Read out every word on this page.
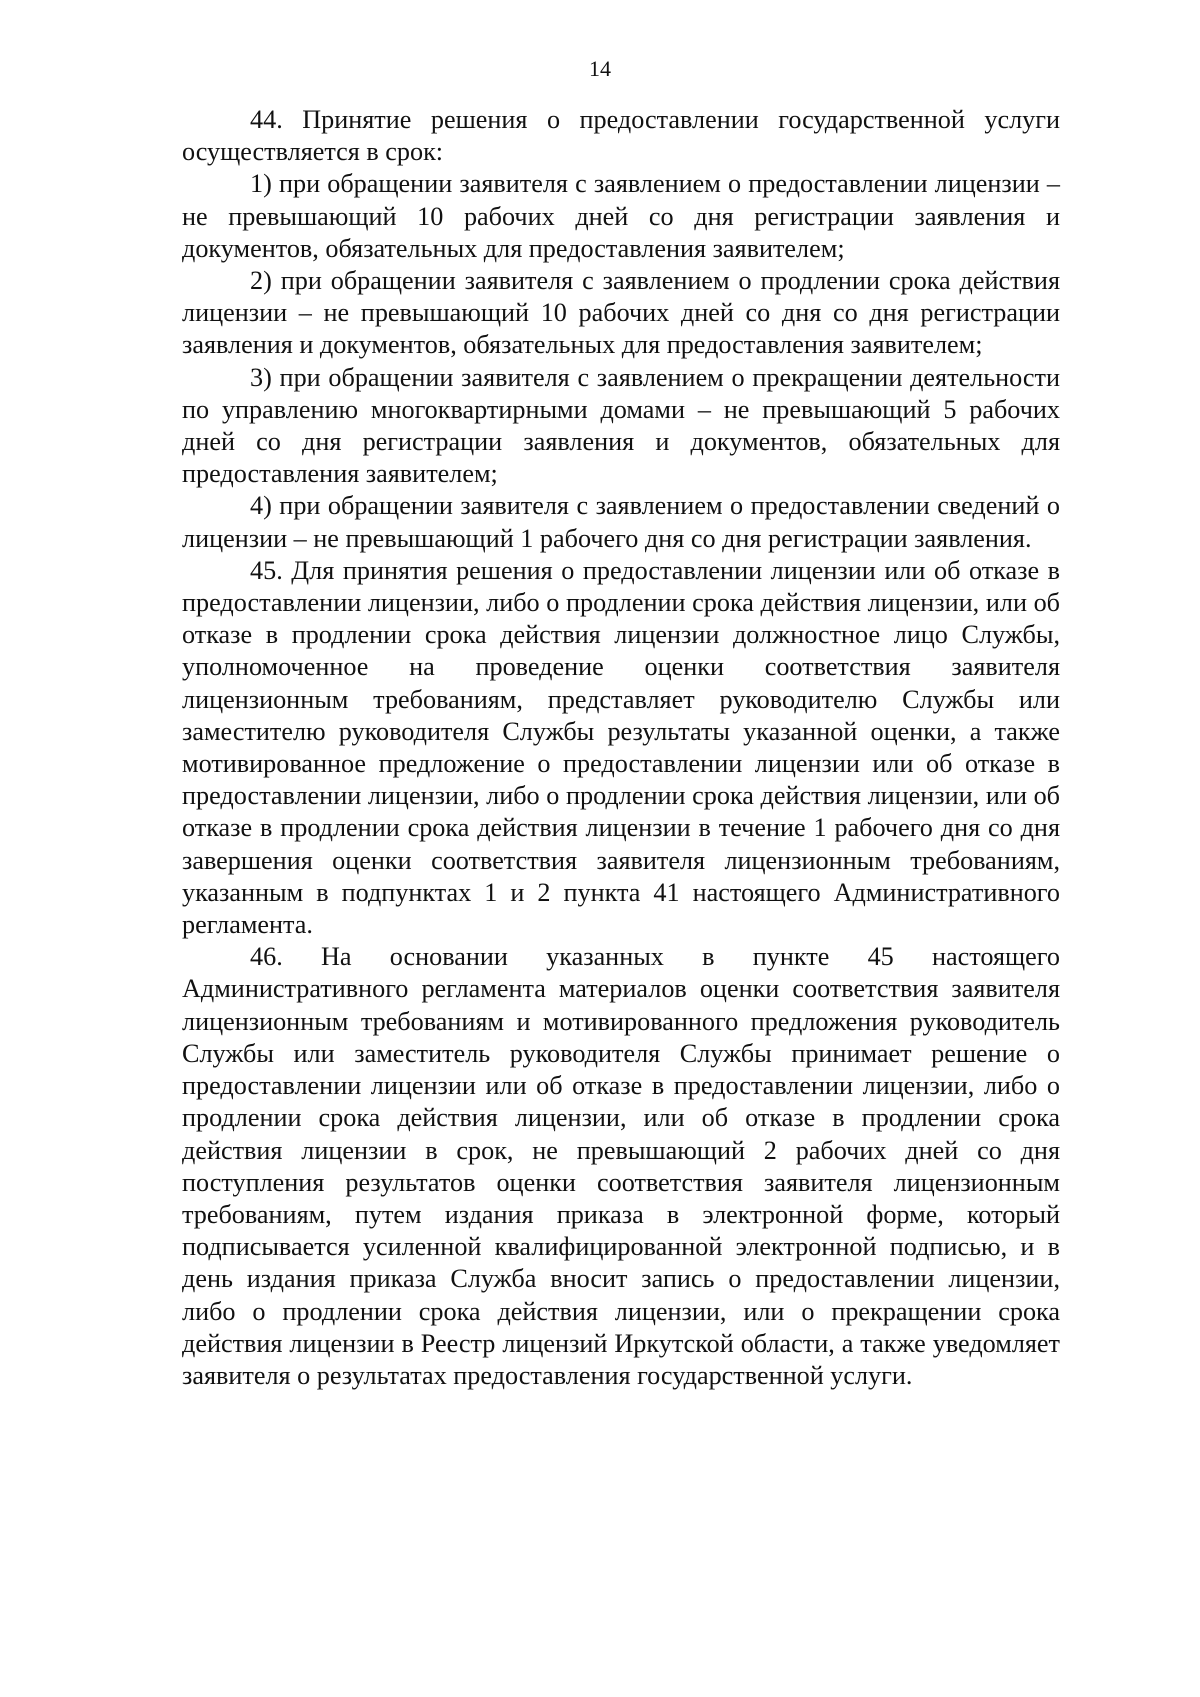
14

44. Принятие решения о предоставлении государственной услуги осуществляется в срок:

1) при обращении заявителя с заявлением о предоставлении лицензии – не превышающий 10 рабочих дней со дня регистрации заявления и документов, обязательных для предоставления заявителем;

2) при обращении заявителя с заявлением о продлении срока действия лицензии – не превышающий 10 рабочих дней со дня со дня регистрации заявления и документов, обязательных для предоставления заявителем;

3) при обращении заявителя с заявлением о прекращении деятельности по управлению многоквартирными домами – не превышающий 5 рабочих дней со дня регистрации заявления и документов, обязательных для предоставления заявителем;

4) при обращении заявителя с заявлением о предоставлении сведений о лицензии – не превышающий 1 рабочего дня со дня регистрации заявления.

45. Для принятия решения о предоставлении лицензии или об отказе в предоставлении лицензии, либо о продлении срока действия лицензии, или об отказе в продлении срока действия лицензии должностное лицо Службы, уполномоченное на проведение оценки соответствия заявителя лицензионным требованиям, представляет руководителю Службы или заместителю руководителя Службы результаты указанной оценки, а также мотивированное предложение о предоставлении лицензии или об отказе в предоставлении лицензии, либо о продлении срока действия лицензии, или об отказе в продлении срока действия лицензии в течение 1 рабочего дня со дня завершения оценки соответствия заявителя лицензионным требованиям, указанным в подпунктах 1 и 2 пункта 41 настоящего Административного регламента.

46. На основании указанных в пункте 45 настоящего Административного регламента материалов оценки соответствия заявителя лицензионным требованиям и мотивированного предложения руководитель Службы или заместитель руководителя Службы принимает решение о предоставлении лицензии или об отказе в предоставлении лицензии, либо о продлении срока действия лицензии, или об отказе в продлении срока действия лицензии в срок, не превышающий 2 рабочих дней со дня поступления результатов оценки соответствия заявителя лицензионным требованиям, путем издания приказа в электронной форме, который подписывается усиленной квалифицированной электронной подписью, и в день издания приказа Служба вносит запись о предоставлении лицензии, либо о продлении срока действия лицензии, или о прекращении срока действия лицензии в Реестр лицензий Иркутской области, а также уведомляет заявителя о результатах предоставления государственной услуги.
